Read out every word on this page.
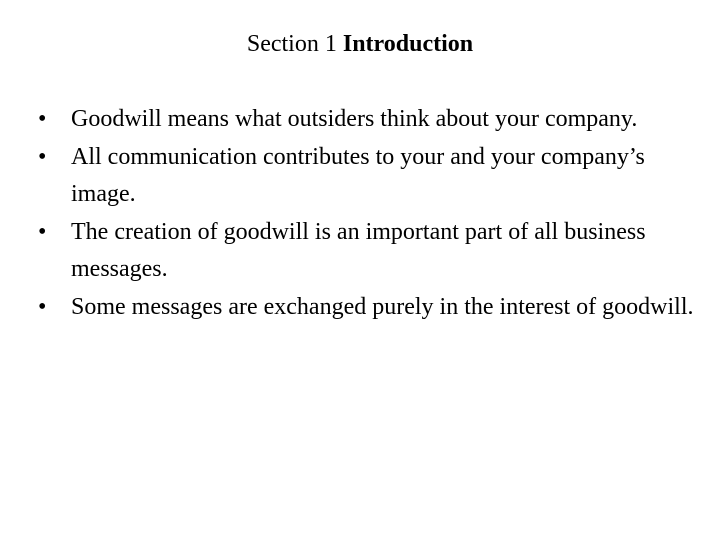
Section 1 Introduction
•	Goodwill means what outsiders think about your company.
•	All communication contributes to your and your company’s image.
•	The creation of goodwill is an important part of all business messages.
•	Some messages are exchanged purely in the interest of goodwill.
